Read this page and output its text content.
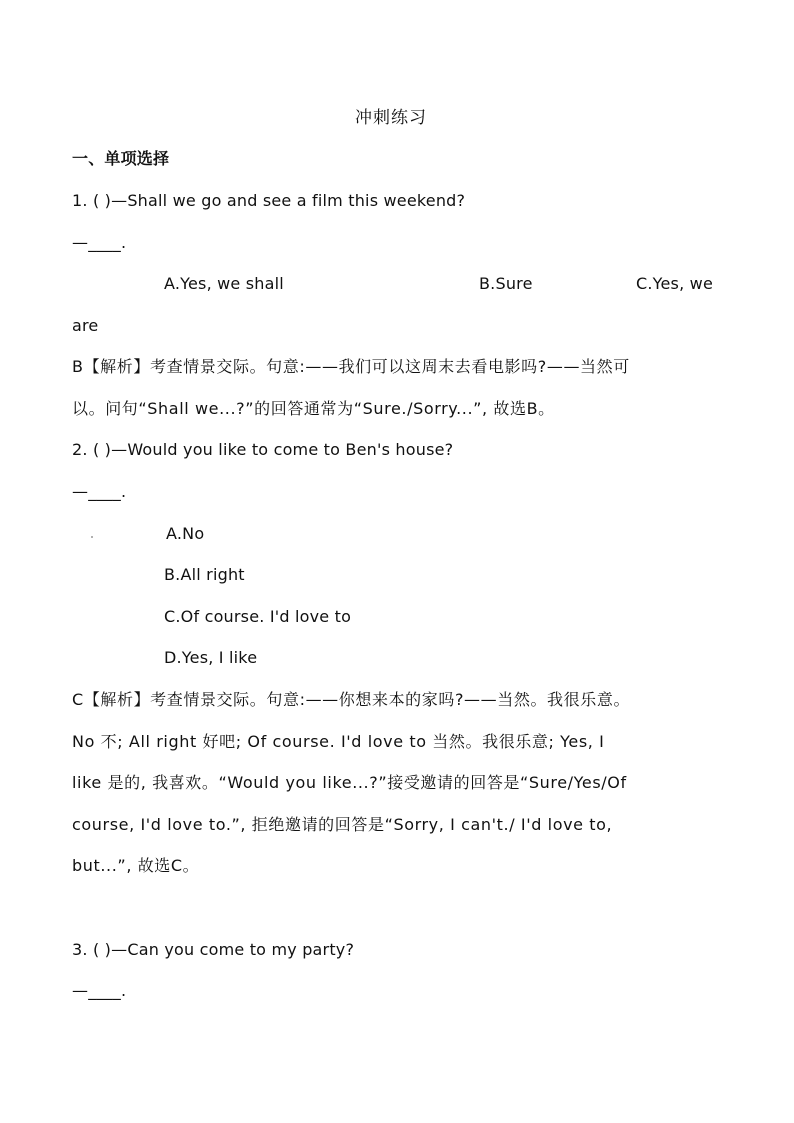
冲刺练习
一、单项选择
1. ( )—Shall we go and see a film this weekend?
—____.
A.Yes, we shall	B.Sure	C.Yes, we
are
B【解析】考查情景交际。句意:——我们可以这周末去看电影吗?——当然可
以。问句“Shall we...?”的回答通常为“Sure./Sorry...”, 故选B。
2. ( )—Would you like to come to Ben's house?
—____.
A.No
B.All right
C.Of course. I'd love to
D.Yes, I like
C【解析】考查情景交际。句意:——你想来本的家吗?——当然。我很乐意。
No 不; All right 好吧; Of course. I'd love to 当然。我很乐意; Yes, I
like 是的, 我喜欢。“Would you like...?”接受邀请的回答是“Sure/Yes/Of
course, I'd love to.”, 拒绝邀请的回答是“Sorry, I can't./ I'd love to,
but...”, 故选C。
3. ( )—Can you come to my party?
—____.
